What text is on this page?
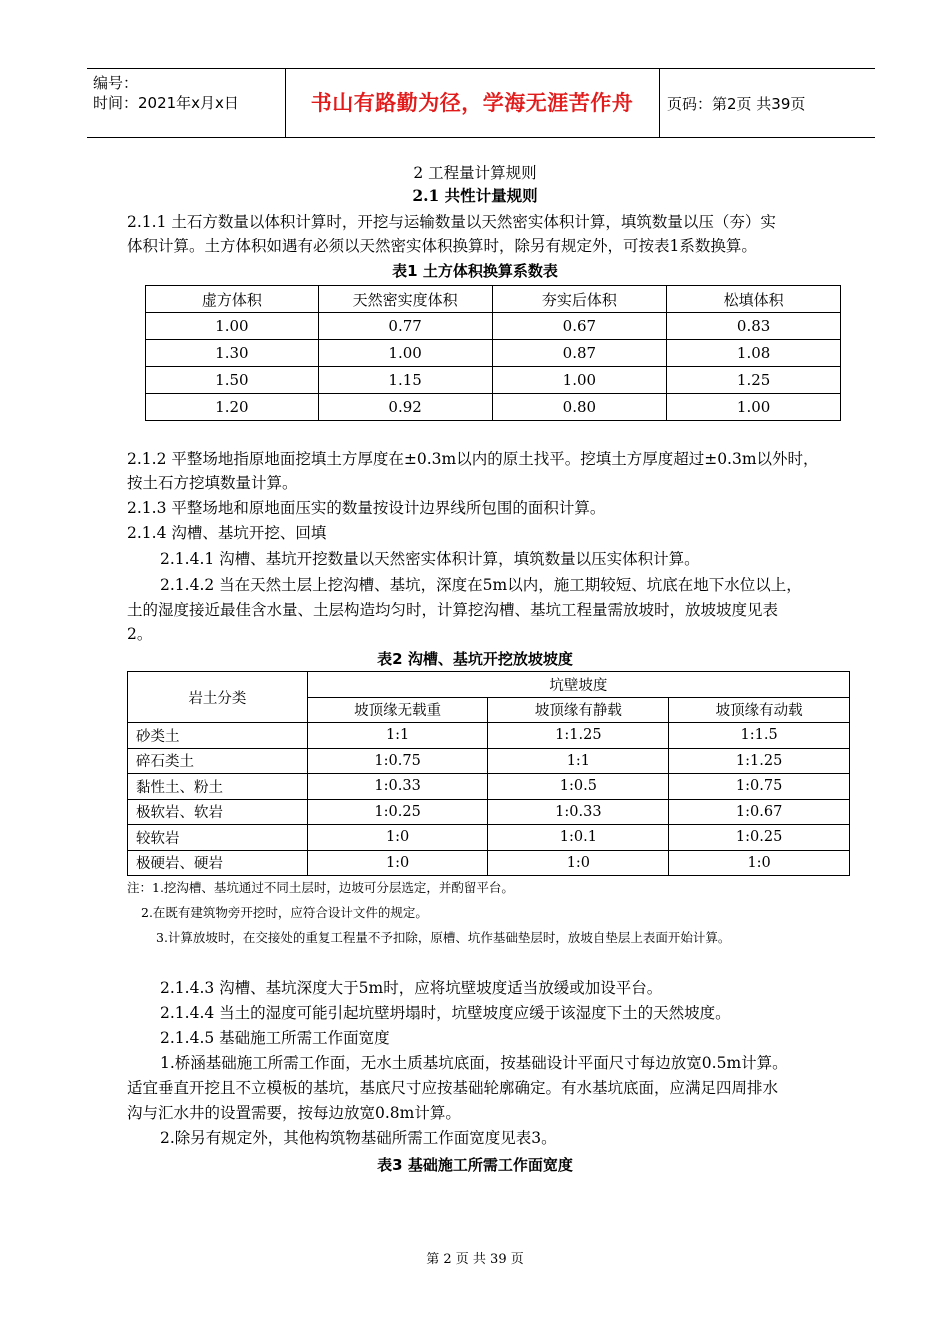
编号：
时间：2021年x月x日	书山有路勤为径，学海无涯苦作舟	页码：第2页 共39页
2 工程量计算规则
2.1 共性计量规则
2.1.1 土石方数量以体积计算时，开挖与运输数量以天然密实体积计算，填筑数量以压（夯）实
体积计算。土方体积如遇有必须以天然密实体积换算时，除另有规定外，可按表1系数换算。
表1 土方体积换算系数表
虚方体积	天然密实度体积	夯实后体积	松填体积
1.00	0.77	0.67	0.83
1.30	1.00	0.87	1.08
1.50	1.15	1.00	1.25
1.20	0.92	0.80	1.00
2.1.2 平整场地指原地面挖填土方厚度在±0.3m以内的原土找平。挖填土方厚度超过±0.3m以外时，
按土石方挖填数量计算。
2.1.3 平整场地和原地面压实的数量按设计边界线所包围的面积计算。
2.1.4 沟槽、基坑开挖、回填
2.1.4.1 沟槽、基坑开挖数量以天然密实体积计算，填筑数量以压实体积计算。
2.1.4.2 当在天然土层上挖沟槽、基坑，深度在5m以内，施工期较短、坑底在地下水位以上，
土的湿度接近最佳含水量、土层构造均匀时，计算挖沟槽、基坑工程量需放坡时，放坡坡度见表
2。
表2 沟槽、基坑开挖放坡坡度
岩土分类	坑壁坡度		
	坡顶缘无载重	坡顶缘有静载	坡顶缘有动载
砂类土	1:1	1:1.25	1:1.5
碎石类土	1:0.75	1:1	1:1.25
黏性土、粉土	1:0.33	1:0.5	1:0.75
极软岩、软岩	1:0.25	1:0.33	1:0.67
较软岩	1:0	1:0.1	1:0.25
极硬岩、硬岩	1:0	1:0	1:0
注：1.挖沟槽、基坑通过不同土层时，边坡可分层选定，并酌留平台。
2.在既有建筑物旁开挖时，应符合设计文件的规定。
3.计算放坡时，在交接处的重复工程量不予扣除，原槽、坑作基础垫层时，放坡自垫层上表面开始计算。
2.1.4.3 沟槽、基坑深度大于5m时，应将坑壁坡度适当放缓或加设平台。
2.1.4.4 当土的湿度可能引起坑壁坍塌时，坑壁坡度应缓于该湿度下土的天然坡度。
2.1.4.5 基础施工所需工作面宽度
1.桥涵基础施工所需工作面，无水土质基坑底面，按基础设计平面尺寸每边放宽0.5m计算。
适宜垂直开挖且不立模板的基坑，基底尺寸应按基础轮廓确定。有水基坑底面，应满足四周排水
沟与汇水井的设置需要，按每边放宽0.8m计算。
2.除另有规定外，其他构筑物基础所需工作面宽度见表3。
表3 基础施工所需工作面宽度
第 2 页 共 39 页
